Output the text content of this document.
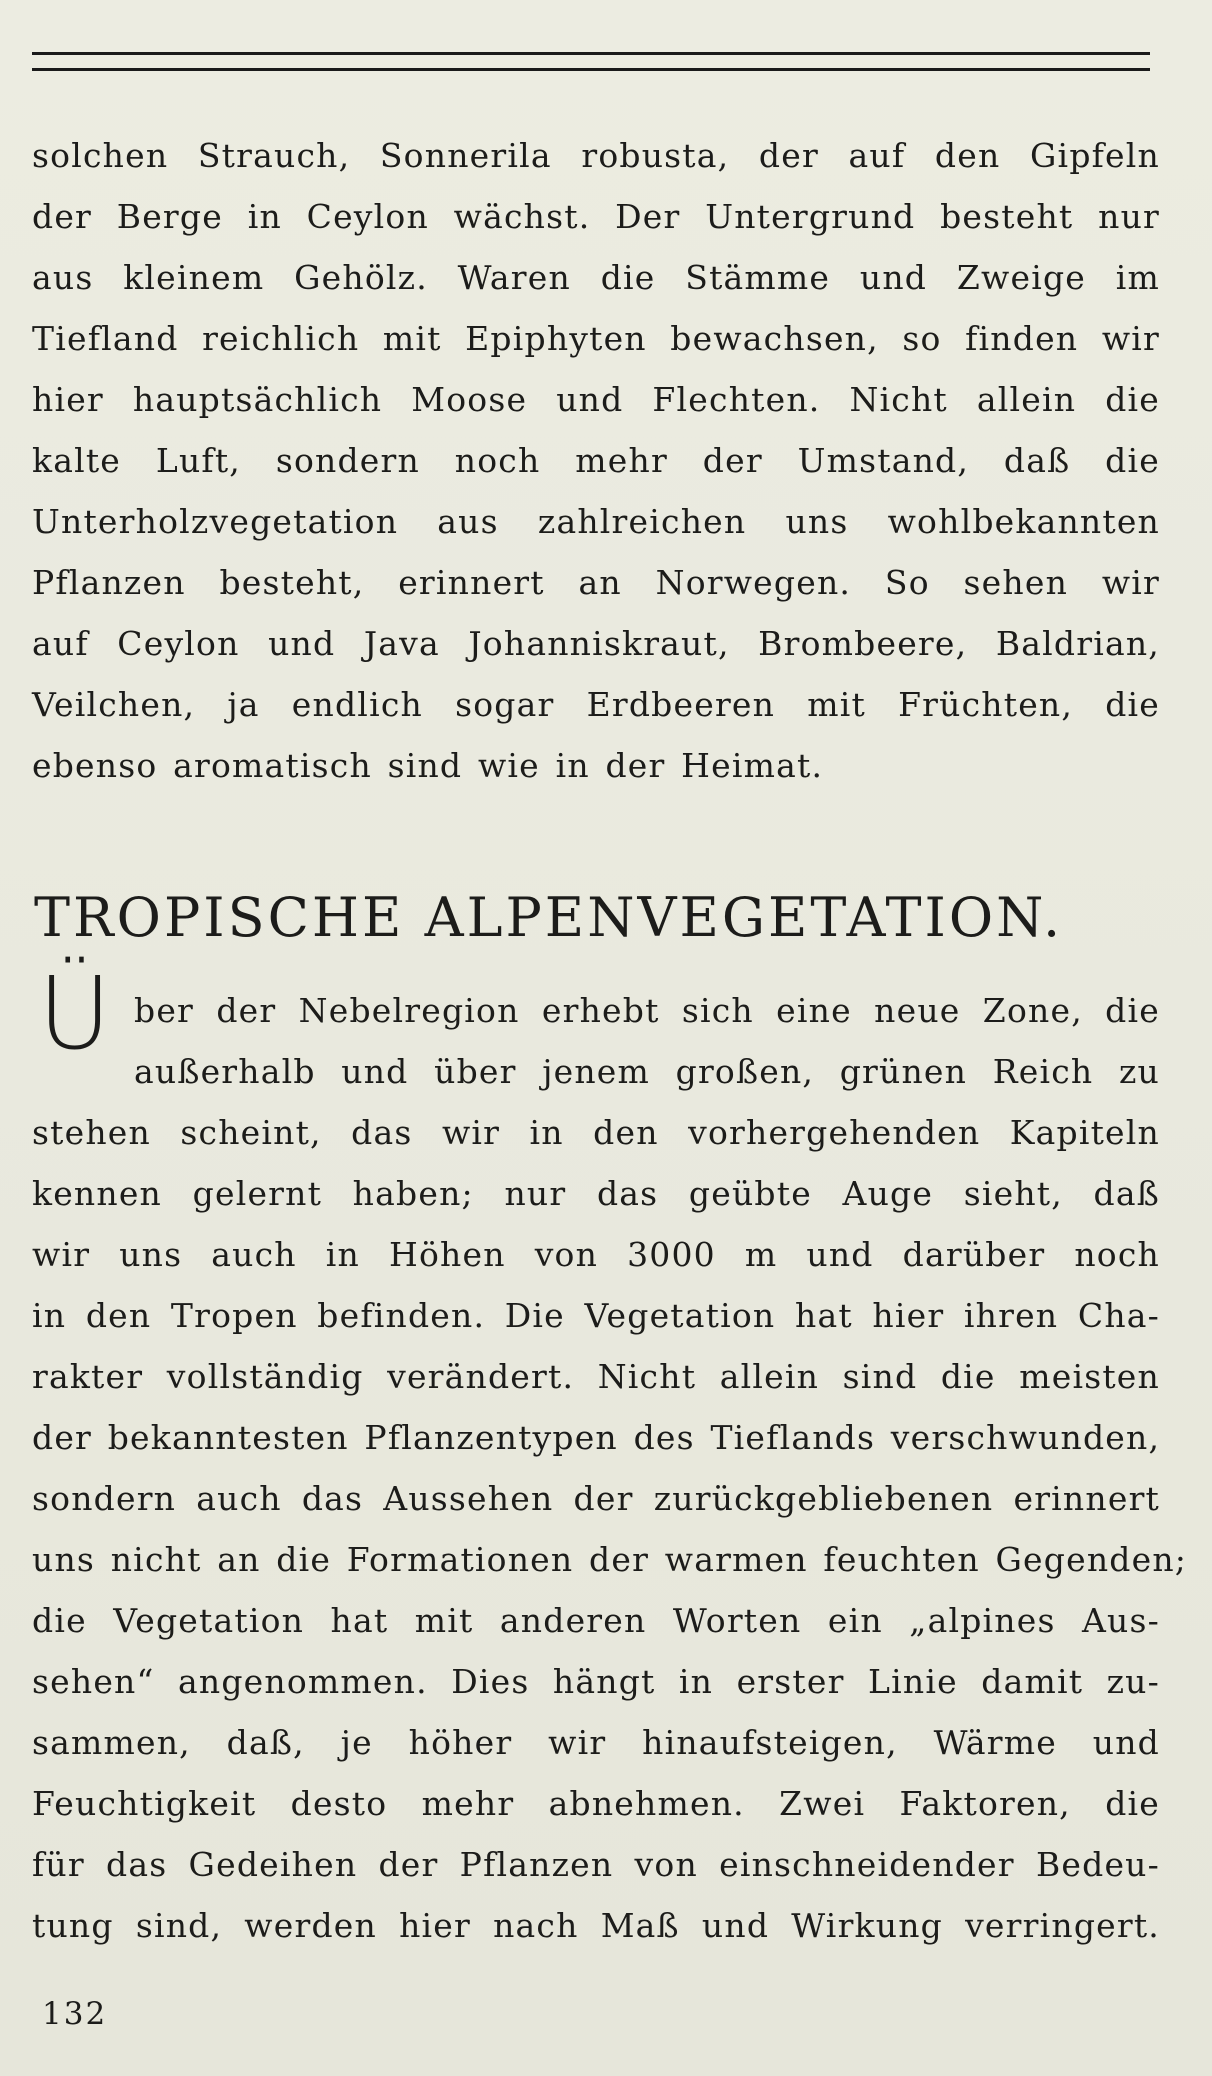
solchen Strauch, Sonnerila robusta, der auf den Gipfeln
der Berge in Ceylon wächst. Der Untergrund besteht nur
aus kleinem Gehölz. Waren die Stämme und Zweige im
Tiefland reichlich mit Epiphyten bewachsen, so finden wir
hier hauptsächlich Moose und Flechten. Nicht allein die
kalte Luft, sondern noch mehr der Umstand, daß die
Unterholzvegetation aus zahlreichen uns wohlbekannten
Pflanzen besteht, erinnert an Norwegen. So sehen wir
auf Ceylon und Java Johanniskraut, Brombeere, Baldrian,
Veilchen, ja endlich sogar Erdbeeren mit Früchten, die
ebenso aromatisch sind wie in der Heimat.

TROPISCHE ALPENVEGETATION.
Ü ber der Nebelregion erhebt sich eine neue Zone, die
außerhalb und über jenem großen, grünen Reich zu
stehen scheint, das wir in den vorhergehenden Kapiteln
kennen gelernt haben; nur das geübte Auge sieht, daß
wir uns auch in Höhen von 3000 m und darüber noch
in den Tropen befinden. Die Vegetation hat hier ihren Cha-
rakter vollständig verändert. Nicht allein sind die meisten
der bekanntesten Pflanzentypen des Tieflands verschwunden,
sondern auch das Aussehen der zurückgebliebenen erinnert
uns nicht an die Formationen der warmen feuchten Gegenden;
die Vegetation hat mit anderen Worten ein „alpines Aus-
sehen“ angenommen. Dies hängt in erster Linie damit zu-
sammen, daß, je höher wir hinaufsteigen, Wärme und
Feuchtigkeit desto mehr abnehmen. Zwei Faktoren, die
für das Gedeihen der Pflanzen von einschneidender Bedeu-
tung sind, werden hier nach Maß und Wirkung verringert.

132
